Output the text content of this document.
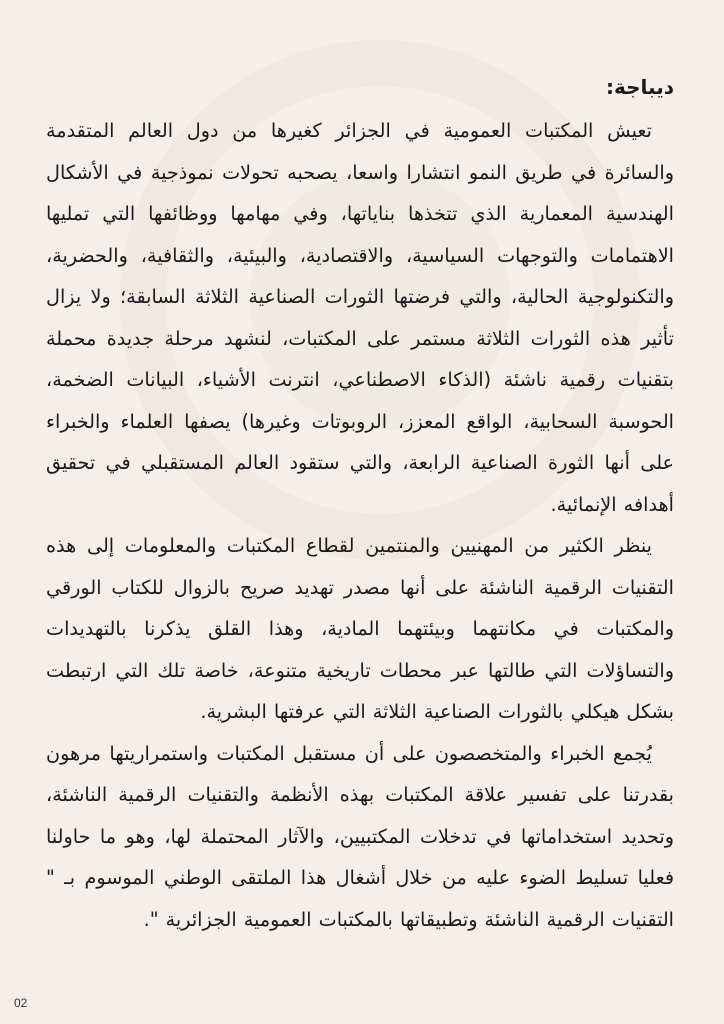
ديباجة:

تعيش المكتبات العمومية في الجزائر كغيرها من دول العالم المتقدمة والسائرة في طريق النمو انتشارا واسعا، يصحبه تحولات نموذجية في الأشكال الهندسية المعمارية الذي تتخذها بناياتها، وفي مهامها ووظائفها التي تمليها الاهتمامات والتوجهات السياسية، والاقتصادية، والبيئية، والثقافية، والحضرية، والتكنولوجية الحالية، والتي فرضتها الثورات الصناعية الثلاثة السابقة؛ ولا يزال تأثير هذه الثورات الثلاثة مستمر على المكتبات، لنشهد مرحلة جديدة محملة بتقنيات رقمية ناشئة (الذكاء الاصطناعي، انترنت الأشياء، البيانات الضخمة، الحوسبة السحابية، الواقع المعزز، الروبوتات وغيرها) يصفها العلماء والخبراء على أنها الثورة الصناعية الرابعة، والتي ستقود العالم المستقبلي في تحقيق أهدافه الإنمائية.

ينظر الكثير من المهنيين والمنتمين لقطاع المكتبات والمعلومات إلى هذه التقنيات الرقمية الناشئة على أنها مصدر تهديد صريح بالزوال للكتاب الورقي والمكتبات في مكانتهما وبيئتهما المادية، وهذا القلق يذكرنا بالتهديدات والتساؤلات التي طالتها عبر محطات تاريخية متنوعة، خاصة تلك التي ارتبطت بشكل هيكلي بالثورات الصناعية الثلاثة التي عرفتها البشرية.

يُجمع الخبراء والمتخصصون على أن مستقبل المكتبات واستمراريتها مرهون بقدرتنا على تفسير علاقة المكتبات بهذه الأنظمة والتقنيات الرقمية الناشئة، وتحديد استخداماتها في تدخلات المكتبيين، والآثار المحتملة لها، وهو ما حاولنا فعليا تسليط الضوء عليه من خلال أشغال هذا الملتقى الوطني الموسوم بـ " التقنيات الرقمية الناشئة وتطبيقاتها بالمكتبات العمومية الجزائرية ".

02
